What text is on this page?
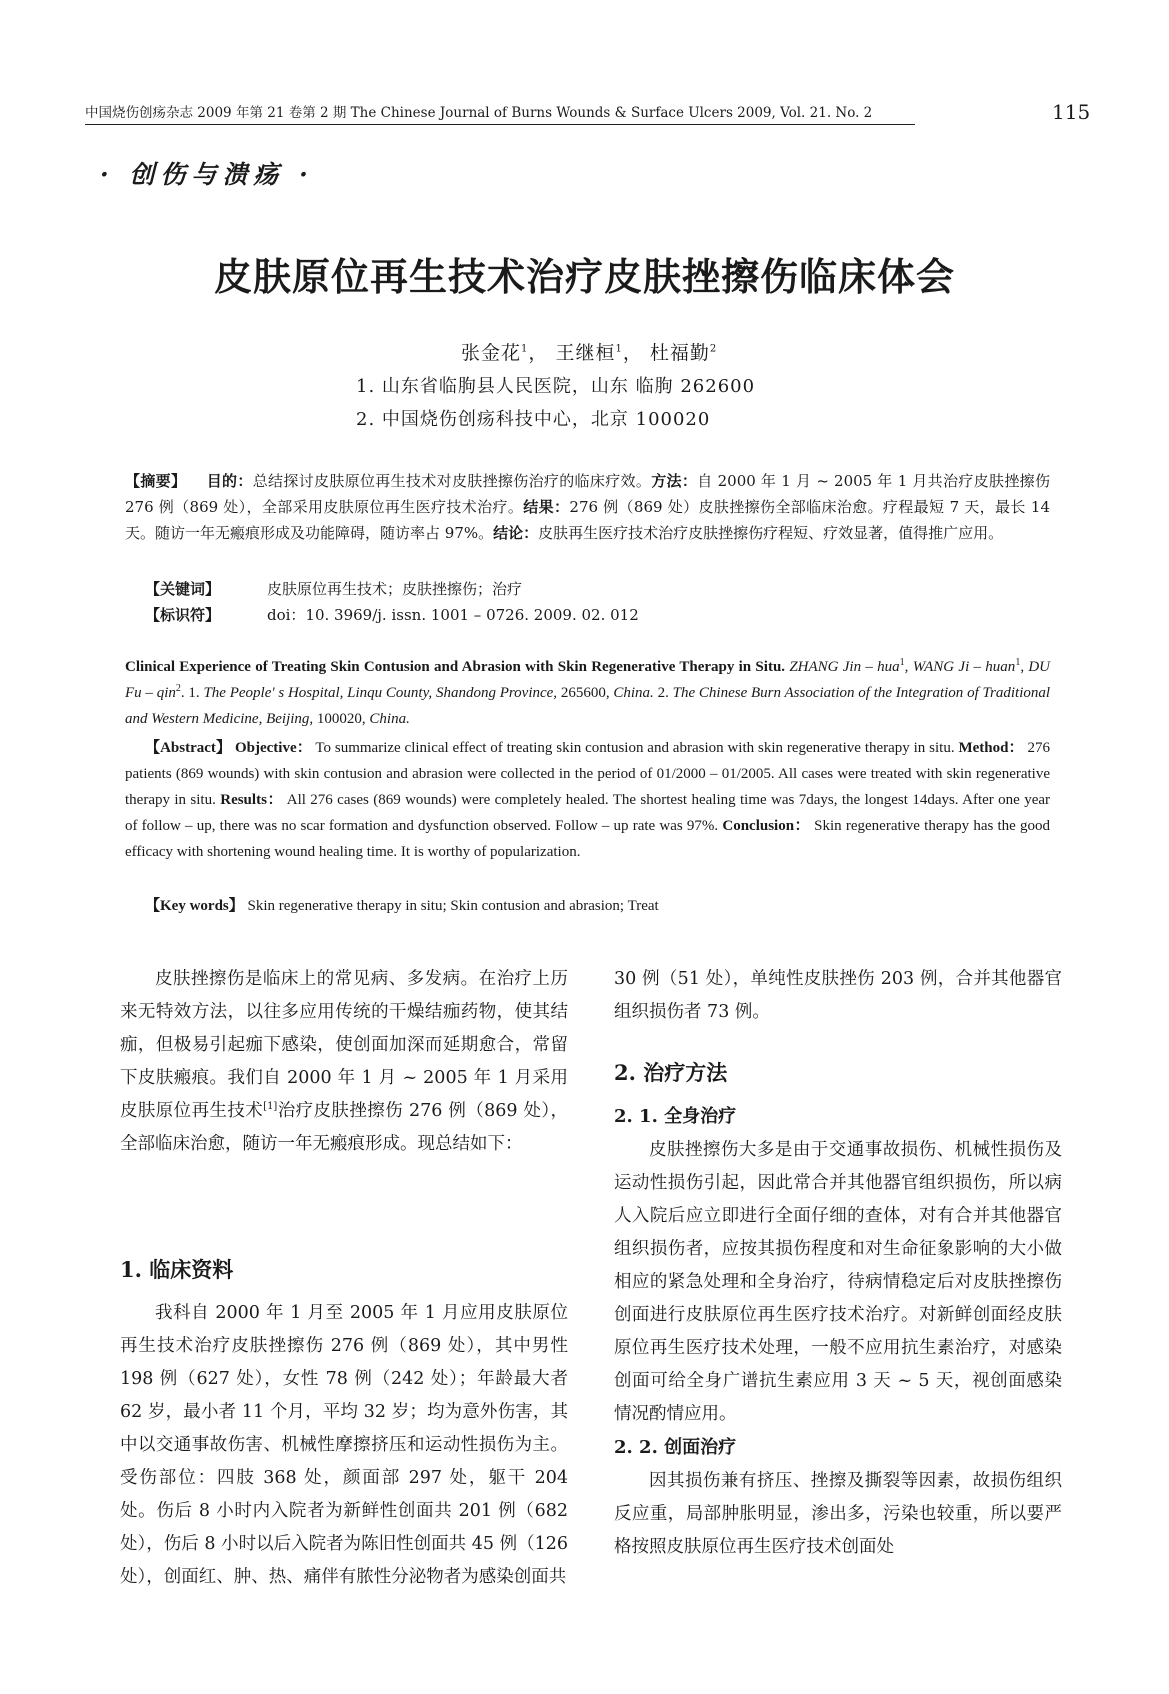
中国烧伤创疡杂志 2009 年第 21 卷第 2 期 The Chinese Journal of Burns Wounds & Surface Ulcers 2009, Vol. 21. No. 2	115
· 创伤与溃疡 ·
皮肤原位再生技术治疗皮肤挫擦伤临床体会
张金花$^1$， 王继桓$^1$， 杜福勤$^2$
1. 山东省临朐县人民医院，山东 临朐 262600
2. 中国烧伤创疡科技中心，北京 100020
【摘要】 目的：总结探讨皮肤原位再生技术对皮肤挫擦伤治疗的临床疗效。方法：自 2000 年 1 月 ~ 2005 年 1 月共治疗皮肤挫擦伤 276 例（869 处），全部采用皮肤原位再生医疗技术治疗。结果：276 例（869 处）皮肤挫擦伤全部临床治愈。疗程最短 7 天，最长 14 天。随访一年无瘢痕形成及功能障碍，随访率占 97%。结论：皮肤再生医疗技术治疗皮肤挫擦伤疗程短、疗效显著，值得推广应用。
【关键词】	皮肤原位再生技术；皮肤挫擦伤；治疗
【标识符】	doi：10. 3969/j. issn. 1001 – 0726. 2009. 02. 012
Clinical Experience of Treating Skin Contusion and Abrasion with Skin Regenerative Therapy in Situ. ZHANG Jin – hua$^1$, WANG Ji – huan$^1$, DU Fu – qin$^2$. 1. The People' s Hospital, Linqu County, Shandong Province, 265600, China. 2. The Chinese Burn Association of the Integration of Traditional and Western Medicine, Beijing, 100020, China.
【Abstract】 Objective： To summarize clinical effect of treating skin contusion and abrasion with skin regenerative therapy in situ. Method： 276 patients (869 wounds) with skin contusion and abrasion were collected in the period of 01/2000 – 01/2005. All cases were treated with skin regenerative therapy in situ. Results： All 276 cases (869 wounds) were completely healed. The shortest healing time was 7days, the longest 14days. After one year of follow – up, there was no scar formation and dysfunction observed. Follow – up rate was 97%. Conclusion： Skin regenerative therapy has the good efficacy with shortening wound healing time. It is worthy of popularization.
【Key words】 Skin regenerative therapy in situ; Skin contusion and abrasion; Treat

皮肤挫擦伤是临床上的常见病、多发病。在治疗上历来无特效方法，以往多应用传统的干燥结痂药物，使其结痂，但极易引起痂下感染，使创面加深而延期愈合，常留下皮肤瘢痕。我们自 2000 年 1 月 ~ 2005 年 1 月采用皮肤原位再生技术[1]治疗皮肤挫擦伤 276 例（869 处），全部临床治愈，随访一年无瘢痕形成。现总结如下：

1. 临床资料

我科自 2000 年 1 月至 2005 年 1 月应用皮肤原位再生技术治疗皮肤挫擦伤 276 例（869 处），其中男性 198 例（627 处），女性 78 例（242 处）；年龄最大者 62 岁，最小者 11 个月，平均 32 岁；均为意外伤害，其中以交通事故伤害、机械性摩擦挤压和运动性损伤为主。受伤部位：四肢 368 处，颜面部 297 处，躯干 204 处。伤后 8 小时内入院者为新鲜性创面共 201 例（682 处），伤后 8 小时以后入院者为陈旧性创面共 45 例（126 处），创面红、肿、热、痛伴有脓性分泌物者为感染创面共

30 例（51 处），单纯性皮肤挫伤 203 例，合并其他器官组织损伤者 73 例。

2. 治疗方法
2. 1. 全身治疗

皮肤挫擦伤大多是由于交通事故损伤、机械性损伤及运动性损伤引起，因此常合并其他器官组织损伤，所以病人入院后应立即进行全面仔细的查体，对有合并其他器官组织损伤者，应按其损伤程度和对生命征象影响的大小做相应的紧急处理和全身治疗，待病情稳定后对皮肤挫擦伤创面进行皮肤原位再生医疗技术治疗。对新鲜创面经皮肤原位再生医疗技术处理，一般不应用抗生素治疗，对感染创面可给全身广谱抗生素应用 3 天 ~ 5 天，视创面感染情况酌情应用。

2. 2. 创面治疗

因其损伤兼有挤压、挫擦及撕裂等因素，故损伤组织反应重，局部肿胀明显，渗出多，污染也较重，所以要严格按照皮肤原位再生医疗技术创面处
